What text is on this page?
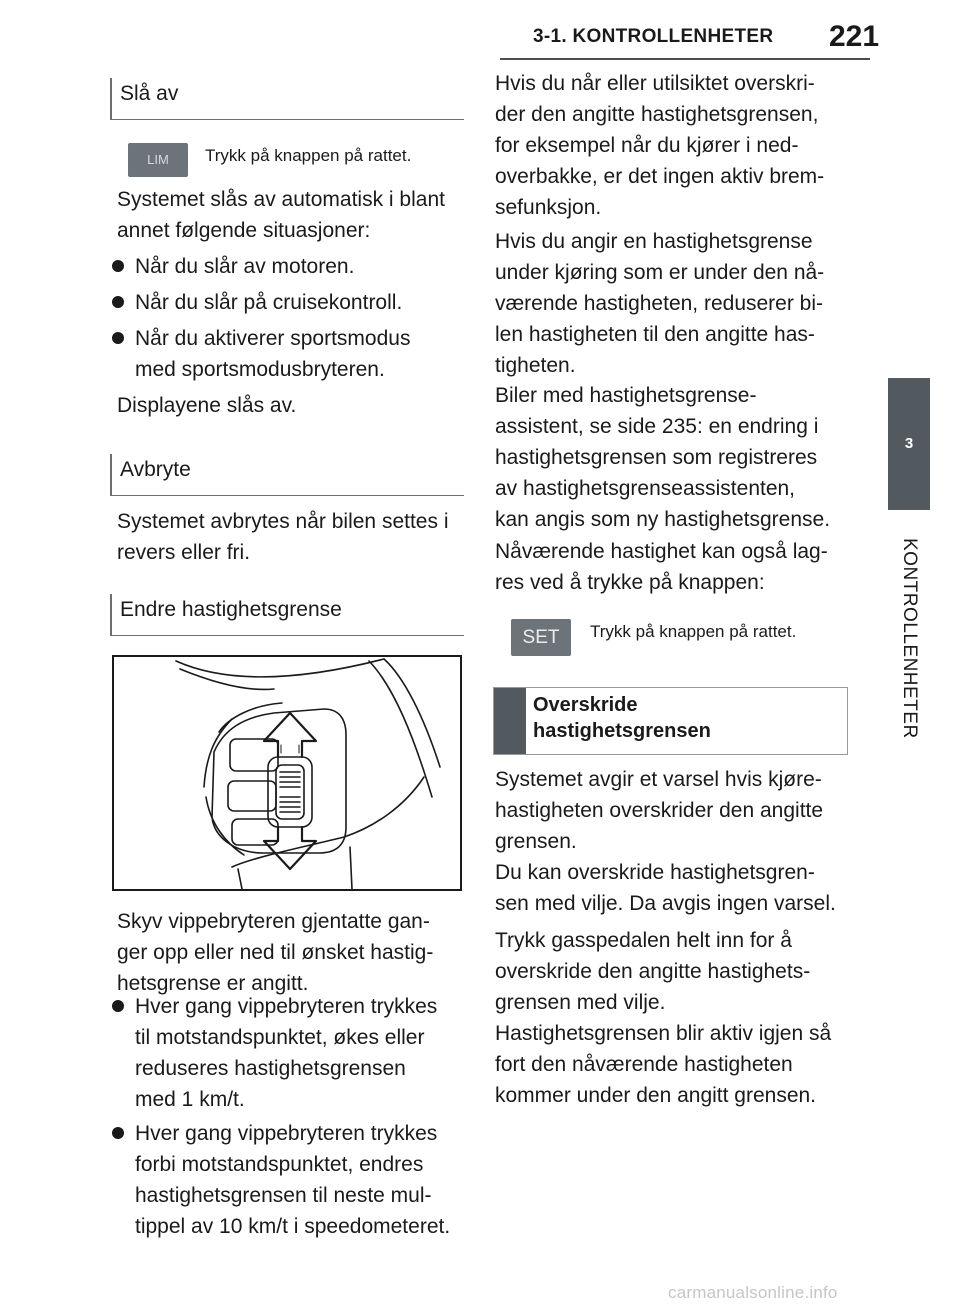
3-1. KONTROLLENHETER 221
3
KONTROLLENHETER
Slå av
LIM	Trykk på knappen på rattet.
Systemet slås av automatisk i blant
annet følgende situasjoner:
Når du slår av motoren.
Når du slår på cruisekontroll.
Når du aktiverer sportsmodus
med sportsmodusbryteren.
Displayene slås av.
Avbryte
Systemet avbrytes når bilen settes i
revers eller fri.
Endre hastighetsgrense
Skyv vippebryteren gjentatte gan-
ger opp eller ned til ønsket hastig-
hetsgrense er angitt.
Hver gang vippebryteren trykkes
til motstandspunktet, økes eller
reduseres hastighetsgrensen
med 1 km/t.
Hver gang vippebryteren trykkes
forbi motstandspunktet, endres
hastighetsgrensen til neste mul-
tippel av 10 km/t i speedometeret.
Hvis du når eller utilsiktet overskri-
der den angitte hastighetsgrensen,
for eksempel når du kjører i ned-
overbakke, er det ingen aktiv brem-
sefunksjon.
Hvis du angir en hastighetsgrense
under kjøring som er under den nå-
værende hastigheten, reduserer bi-
len hastigheten til den angitte has-
tigheten.
Biler med hastighetsgrense-
assistent, se side 235: en endring i
hastighetsgrensen som registreres
av hastighetsgrenseassistenten,
kan angis som ny hastighetsgrense.
Nåværende hastighet kan også lag-
res ved å trykke på knappen:
SET	Trykk på knappen på rattet.
Overskride
hastighetsgrensen
Systemet avgir et varsel hvis kjøre-
hastigheten overskrider den angitte
grensen.
Du kan overskride hastighetsgren-
sen med vilje. Da avgis ingen varsel.
Trykk gasspedalen helt inn for å
overskride den angitte hastighets-
grensen med vilje.
Hastighetsgrensen blir aktiv igjen så
fort den nåværende hastigheten
kommer under den angitt grensen.
carmanualsonline.info
